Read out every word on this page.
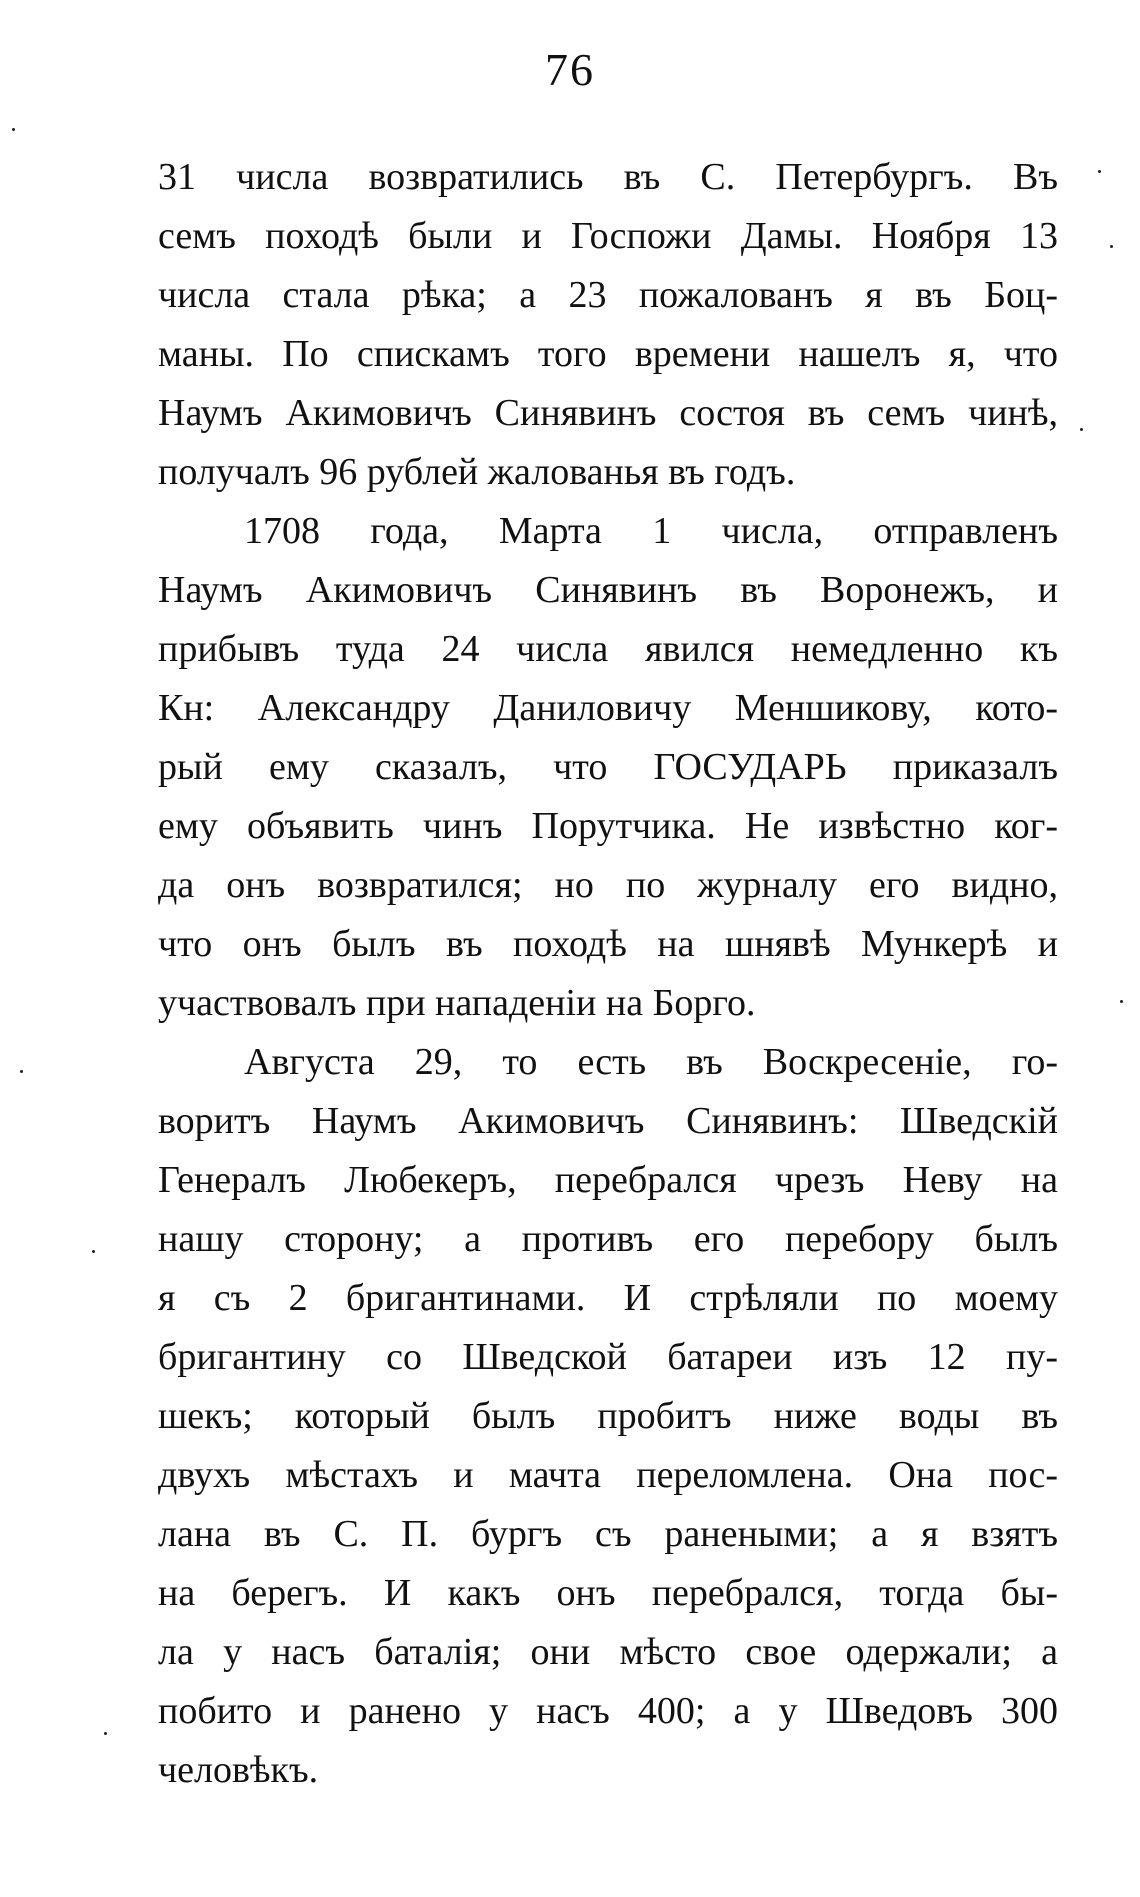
76
31 числа возвратились въ С. Петербургъ. Въ
семъ походѣ были и Госпожи Дамы. Ноября 13
числа стала рѣка; а 23 пожалованъ я въ Боц-
маны. По спискамъ того времени нашелъ я, что
Наумъ Акимовичъ Синявинъ состоя въ семъ чинѣ,
получалъ 96 рублей жалованья въ годъ.
1708 года, Марта 1 числа, отправленъ
Наумъ Акимовичъ Синявинъ въ Воронежъ, и
прибывъ туда 24 числа явился немедленно къ
Кн: Александру Даниловичу Меншикову, кото-
рый ему сказалъ, что ГОСУДАРЬ приказалъ
ему объявить чинъ Порутчика. Не извѣстно ког-
да онъ возвратился; но по журналу его видно,
что онъ былъ въ походѣ на шнявѣ Мункерѣ и
участвовалъ при нападеніи на Борго.
Августа 29, то есть въ Воскресеніе, го-
воритъ Наумъ Акимовичъ Синявинъ: Шведскій
Генералъ Любекеръ, перебрался чрезъ Неву на
нашу сторону; а противъ его перебору былъ
я съ 2 бригантинами. И стрѣляли по моему
бригантину со Шведской батареи изъ 12 пу-
шекъ; который былъ пробитъ ниже воды въ
двухъ мѣстахъ и мачта переломлена. Она пос-
лана въ С. П. бургъ съ ранеными; а я взятъ
на берегъ. И какъ онъ перебрался, тогда бы-
ла у насъ баталія; они мѣсто свое одержали; а
побито и ранено у насъ 400; а у Шведовъ 300
человѣкъ.
